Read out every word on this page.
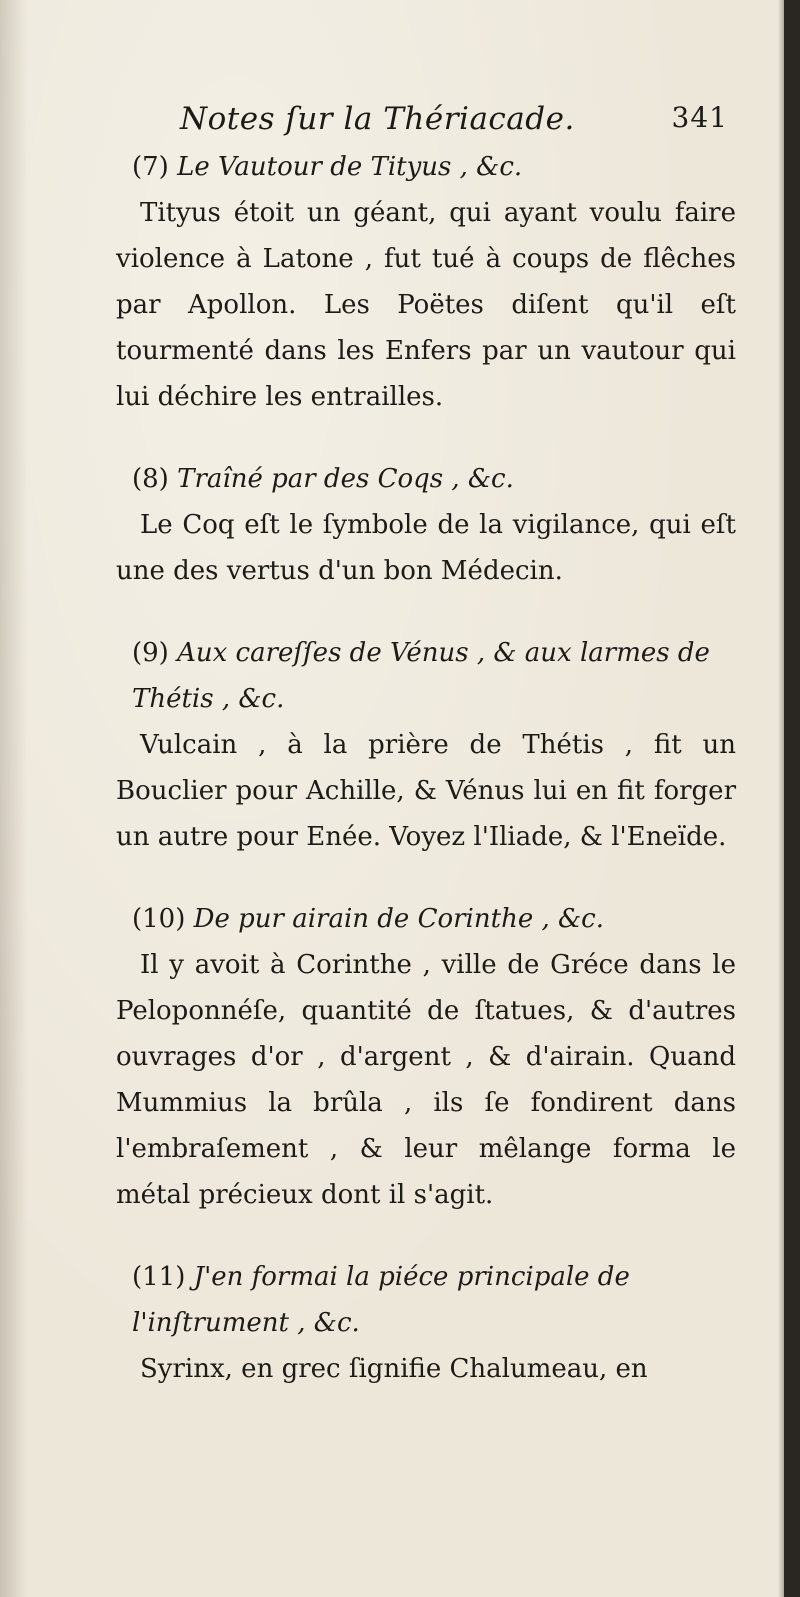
Notes ſur la Thériacade.	341
(7) Le Vautour de Tityus , &c.
Tityus étoit un géant, qui ayant voulu faire violence à Latone , fut tué à coups de flêches par Apollon. Les Poëtes diſent qu'il eſt tourmenté dans les Enfers par un vautour qui lui déchire les entrailles.
(8) Traîné par des Coqs , &c.
Le Coq eſt le ſymbole de la vigilance, qui eſt une des vertus d'un bon Médecin.
(9) Aux careſſes de Vénus , & aux larmes de Thétis , &c.
Vulcain , à la prière de Thétis , fit un Bouclier pour Achille, & Vénus lui en fit forger un autre pour Enée. Voyez l'Iliade, & l'Eneïde.
(10) De pur airain de Corinthe , &c.
Il y avoit à Corinthe , ville de Gréce dans le Peloponnéſe, quantité de ſtatues, & d'autres ouvrages d'or , d'argent , & d'airain. Quand Mummius la brûla , ils ſe fondirent dans l'embraſement , & leur mêlange forma le métal précieux dont il s'agit.
(11) J'en formai la piéce principale de l'inſtrument , &c.
Syrinx, en grec ſignifie Chalumeau, en
